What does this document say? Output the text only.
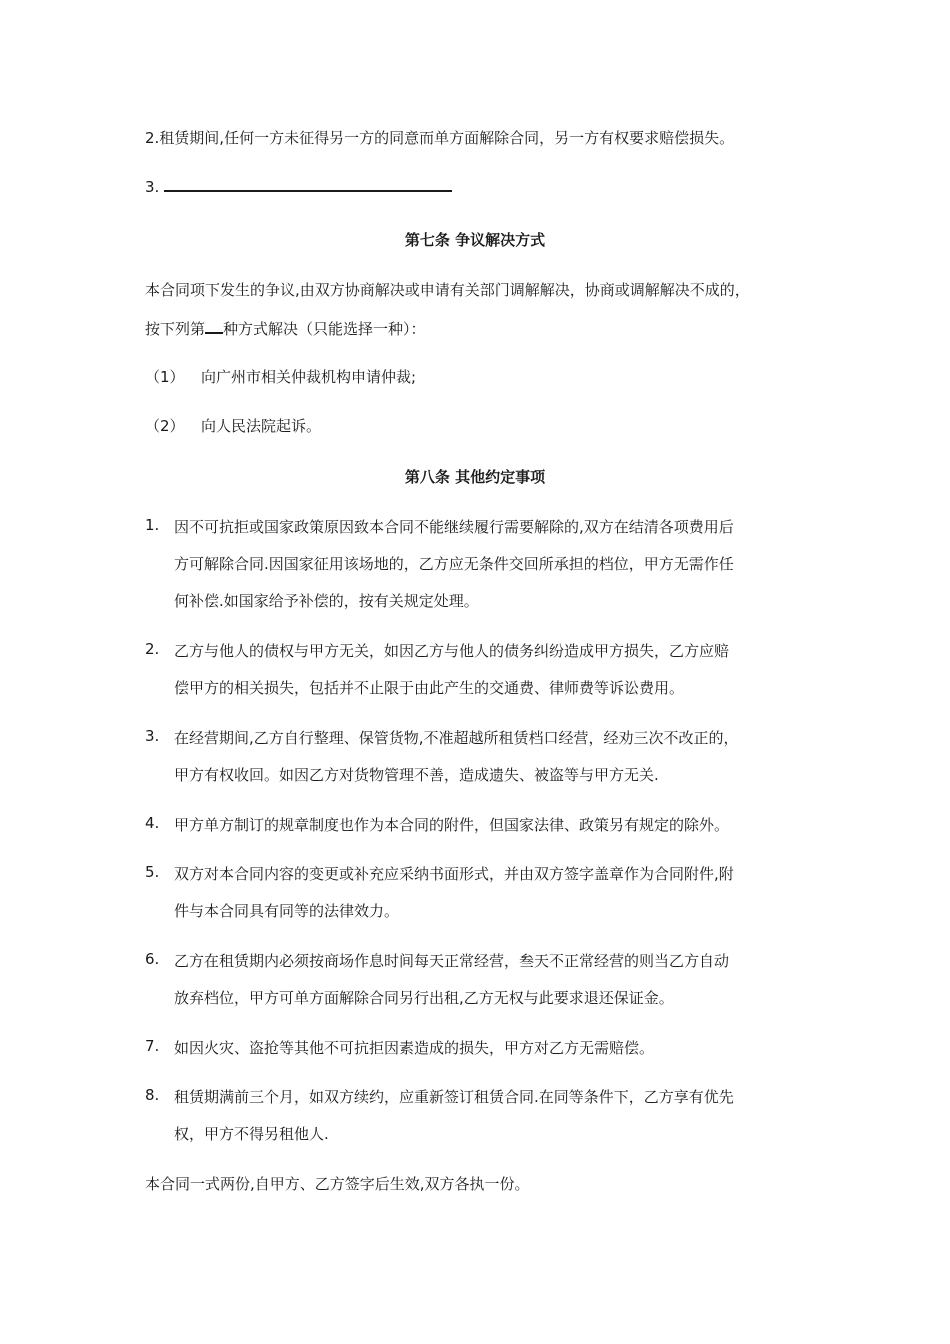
2.租赁期间,任何一方未征得另一方的同意而单方面解除合同，另一方有权要求赔偿损失。
3.
第七条 争议解决方式
本合同项下发生的争议,由双方协商解决或申请有关部门调解解决，协商或调解解决不成的，
按下列第 种方式解决（只能选择一种）：
（1） 向广州市相关仲裁机构申请仲裁;
（2） 向人民法院起诉。
第八条 其他约定事项
1. 因不可抗拒或国家政策原因致本合同不能继续履行需要解除的,双方在结清各项费用后
方可解除合同.因国家征用该场地的，乙方应无条件交回所承担的档位，甲方无需作任
何补偿.如国家给予补偿的，按有关规定处理。
2. 乙方与他人的债权与甲方无关，如因乙方与他人的债务纠纷造成甲方损失，乙方应赔
偿甲方的相关损失，包括并不止限于由此产生的交通费、律师费等诉讼费用。
3. 在经营期间,乙方自行整理、保管货物,不准超越所租赁档口经营，经劝三次不改正的，
甲方有权收回。如因乙方对货物管理不善，造成遗失、被盗等与甲方无关.
4. 甲方单方制订的规章制度也作为本合同的附件，但国家法律、政策另有规定的除外。
5. 双方对本合同内容的变更或补充应采纳书面形式，并由双方签字盖章作为合同附件,附
件与本合同具有同等的法律效力。
6. 乙方在租赁期内必须按商场作息时间每天正常经营，叁天不正常经营的则当乙方自动
放弃档位，甲方可单方面解除合同另行出租,乙方无权与此要求退还保证金。
7. 如因火灾、盗抢等其他不可抗拒因素造成的损失，甲方对乙方无需赔偿。
8. 租赁期满前三个月，如双方续约，应重新签订租赁合同.在同等条件下，乙方享有优先
权，甲方不得另租他人.
本合同一式两份,自甲方、乙方签字后生效,双方各执一份。
